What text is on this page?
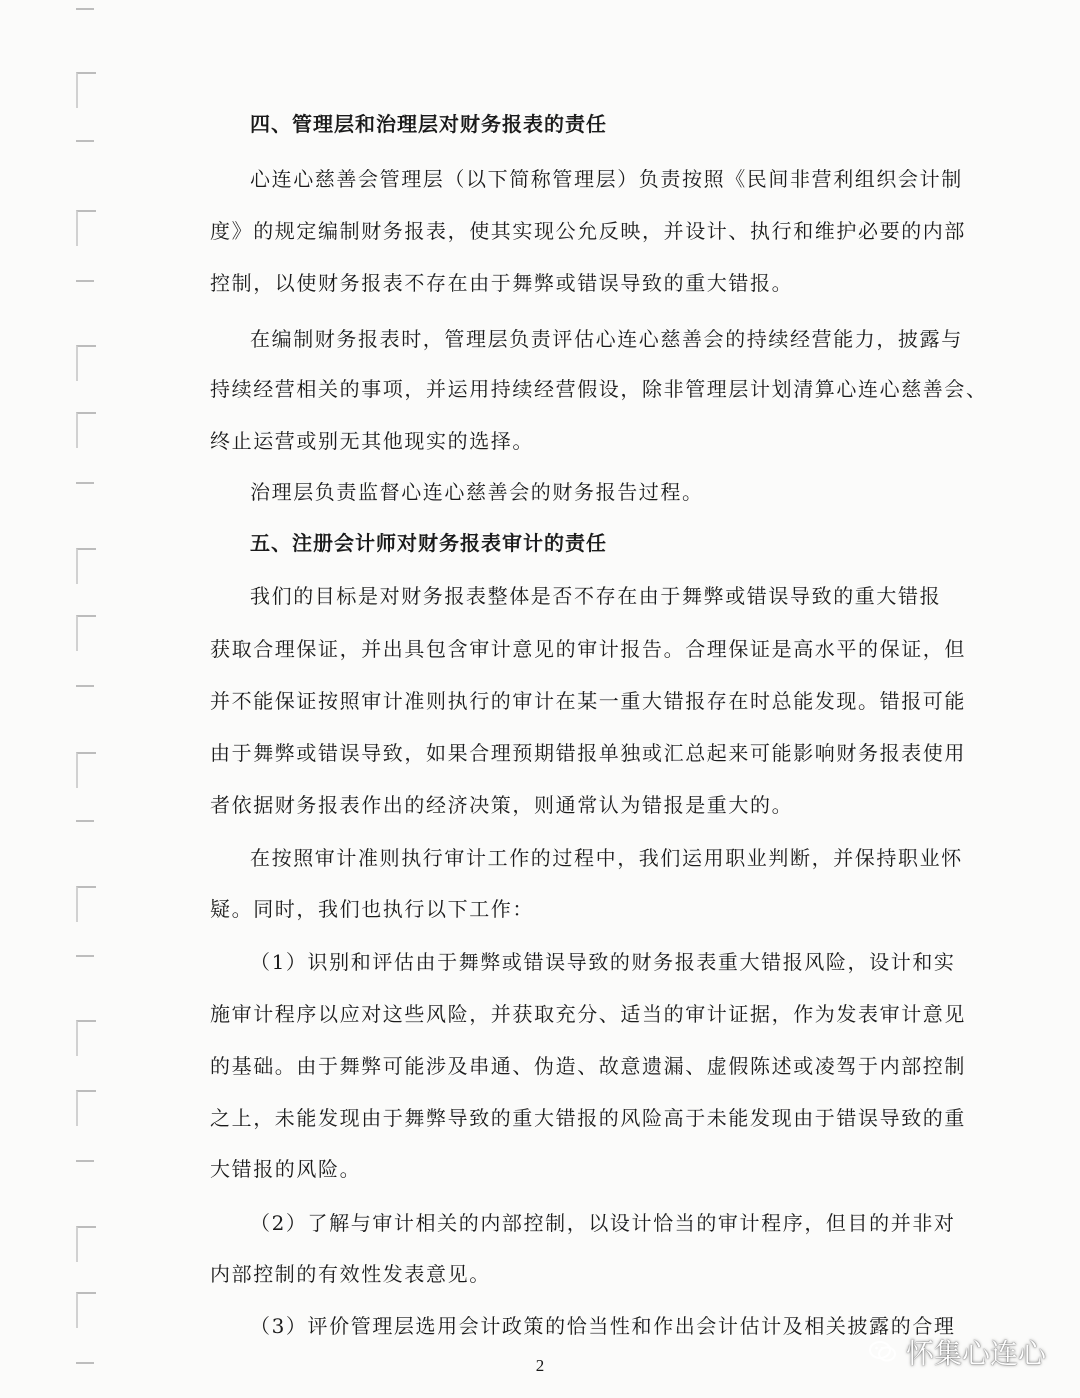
四、管理层和治理层对财务报表的责任
心连心慈善会管理层（以下简称管理层）负责按照《民间非营利组织会计制
度》的规定编制财务报表，使其实现公允反映，并设计、执行和维护必要的内部
控制，以使财务报表不存在由于舞弊或错误导致的重大错报。
在编制财务报表时，管理层负责评估心连心慈善会的持续经营能力，披露与
持续经营相关的事项，并运用持续经营假设，除非管理层计划清算心连心慈善会、
终止运营或别无其他现实的选择。
治理层负责监督心连心慈善会的财务报告过程。
五、注册会计师对财务报表审计的责任
我们的目标是对财务报表整体是否不存在由于舞弊或错误导致的重大错报
获取合理保证，并出具包含审计意见的审计报告。合理保证是高水平的保证，但
并不能保证按照审计准则执行的审计在某一重大错报存在时总能发现。错报可能
由于舞弊或错误导致，如果合理预期错报单独或汇总起来可能影响财务报表使用
者依据财务报表作出的经济决策，则通常认为错报是重大的。
在按照审计准则执行审计工作的过程中，我们运用职业判断，并保持职业怀
疑。同时，我们也执行以下工作：
（1）识别和评估由于舞弊或错误导致的财务报表重大错报风险，设计和实
施审计程序以应对这些风险，并获取充分、适当的审计证据，作为发表审计意见
的基础。由于舞弊可能涉及串通、伪造、故意遗漏、虚假陈述或凌驾于内部控制
之上，未能发现由于舞弊导致的重大错报的风险高于未能发现由于错误导致的重
大错报的风险。
（2）了解与审计相关的内部控制，以设计恰当的审计程序，但目的并非对
内部控制的有效性发表意见。
（3）评价管理层选用会计政策的恰当性和作出会计估计及相关披露的合理
2	怀集心连心
